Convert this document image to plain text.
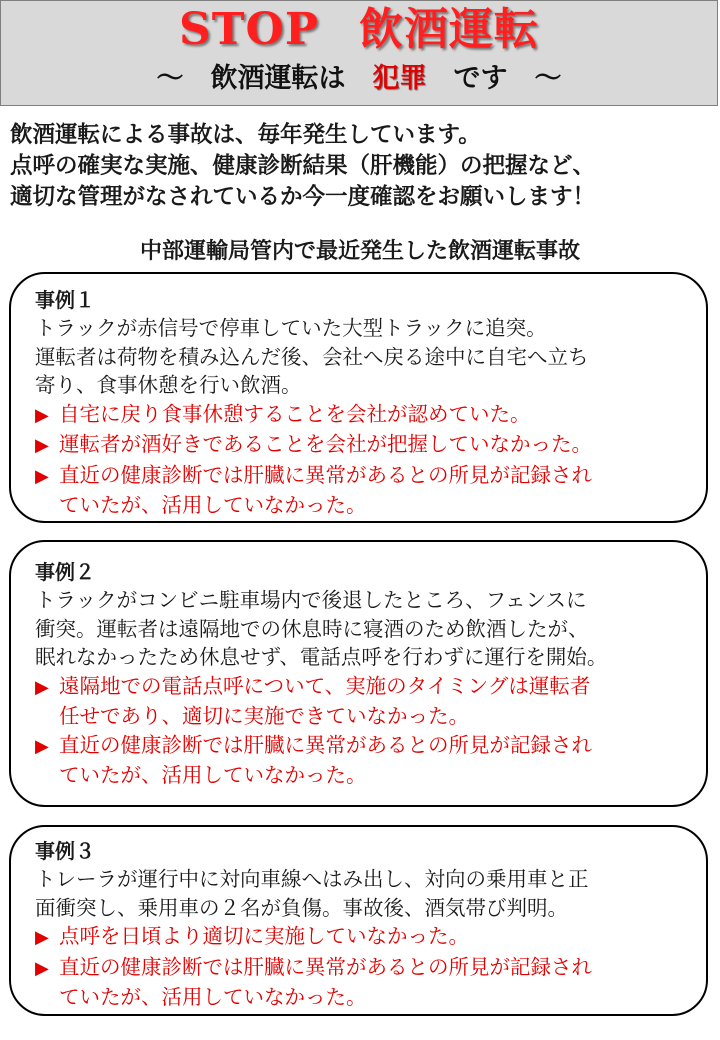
STOP 飲酒運転
～　飲酒運転は　犯罪　です　～
飲酒運転による事故は、毎年発生しています。
点呼の確実な実施、健康診断結果（肝機能）の把握など、
適切な管理がなされているか今一度確認をお願いします！
中部運輸局管内で最近発生した飲酒運転事故
事例１
トラックが赤信号で停車していた大型トラックに追突。
運転者は荷物を積み込んだ後、会社へ戻る途中に自宅へ立ち
寄り、食事休憩を行い飲酒。
▶ 自宅に戻り食事休憩することを会社が認めていた。
▶ 運転者が酒好きであることを会社が把握していなかった。
▶ 直近の健康診断では肝臓に異常があるとの所見が記録され
ていたが、活用していなかった。
事例２
トラックがコンビニ駐車場内で後退したところ、フェンスに
衝突。運転者は遠隔地での休息時に寝酒のため飲酒したが、
眠れなかったため休息せず、電話点呼を行わずに運行を開始。
▶ 遠隔地での電話点呼について、実施のタイミングは運転者
任せであり、適切に実施できていなかった。
▶ 直近の健康診断では肝臓に異常があるとの所見が記録され
ていたが、活用していなかった。
事例３
トレーラが運行中に対向車線へはみ出し、対向の乗用車と正
面衝突し、乗用車の２名が負傷。事故後、酒気帯び判明。
▶ 点呼を日頃より適切に実施していなかった。
▶ 直近の健康診断では肝臓に異常があるとの所見が記録され
ていたが、活用していなかった。
